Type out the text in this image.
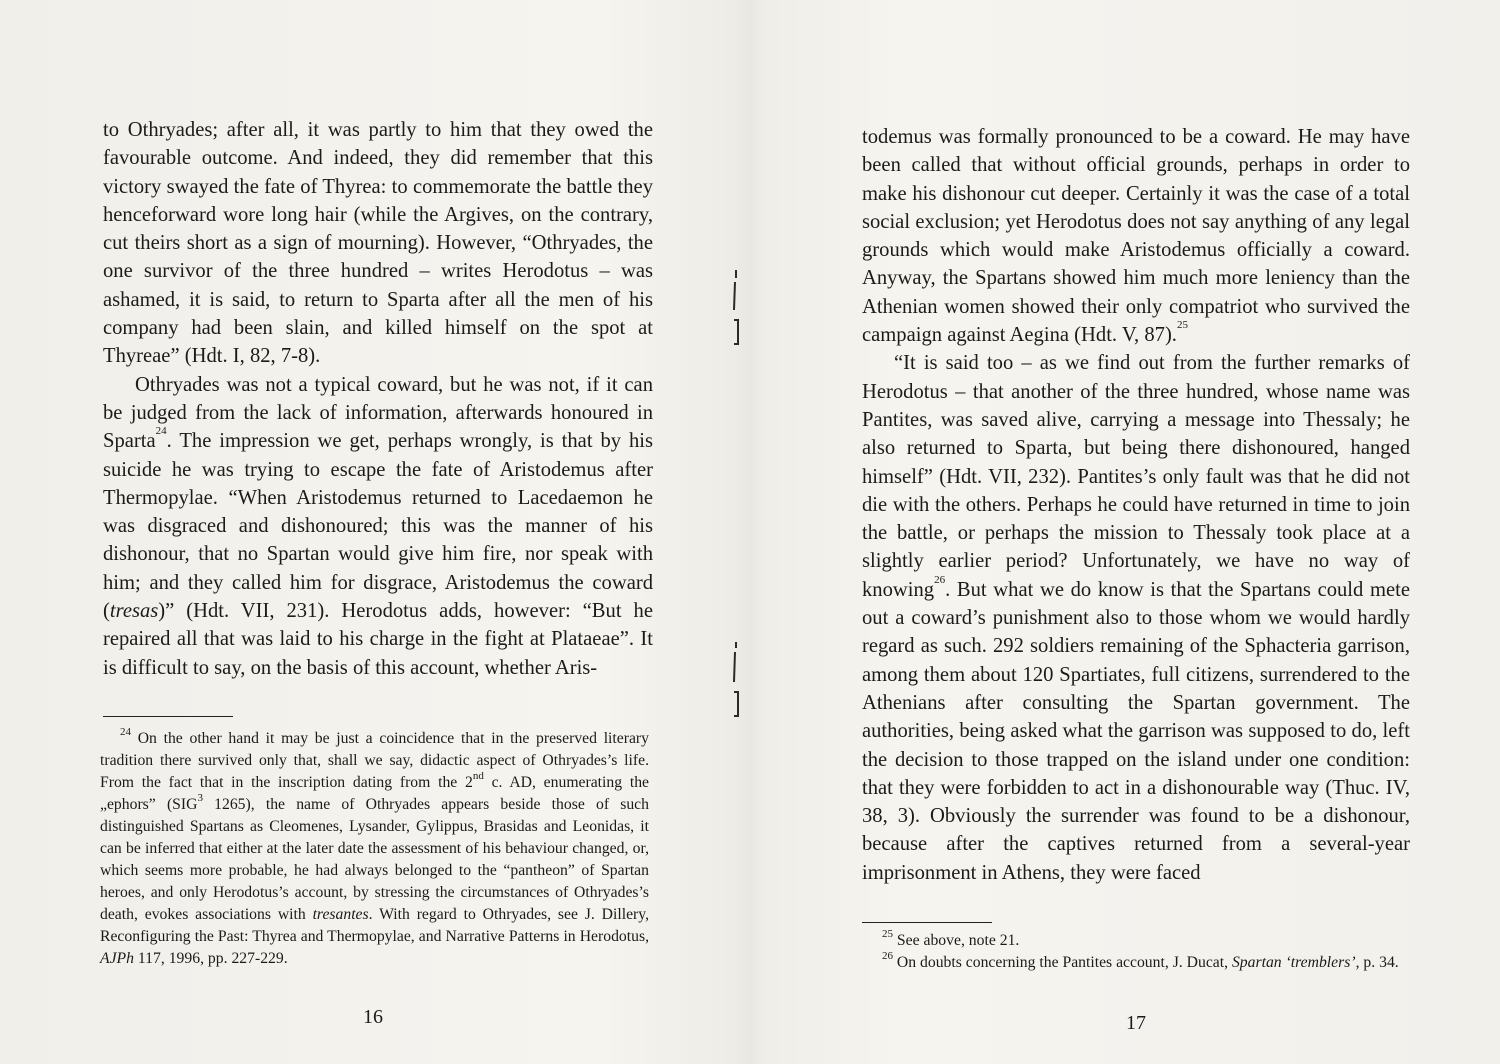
to Othryades; after all, it was partly to him that they owed the favourable outcome. And indeed, they did remember that this victory swayed the fate of Thyrea: to commemorate the battle they henceforward wore long hair (while the Argives, on the contrary, cut theirs short as a sign of mourning). However, “Othryades, the one survivor of the three hundred – writes Herodotus – was ashamed, it is said, to return to Sparta after all the men of his company had been slain, and killed himself on the spot at Thyreae” (Hdt. I, 82, 7-8).

Othryades was not a typical coward, but he was not, if it can be judged from the lack of information, afterwards honoured in Sparta$^{24}$. The impression we get, perhaps wrongly, is that by his suicide he was trying to escape the fate of Aristodemus after Thermopylae. “When Aristodemus returned to Lacedaemon he was disgraced and dishonoured; this was the manner of his dishonour, that no Spartan would give him fire, nor speak with him; and they called him for disgrace, Aristodemus the coward (tresas)” (Hdt. VII, 231). Herodotus adds, however: “But he repaired all that was laid to his charge in the fight at Plataeae”. It is difficult to say, on the basis of this account, whether Aris-

$^{24}$ On the other hand it may be just a coincidence that in the preserved literary tradition there survived only that, shall we say, didactic aspect of Othryades’s life. From the fact that in the inscription dating from the 2nd c. AD, enumerating the „ephors” (SIG$^3$ 1265), the name of Othryades appears beside those of such distinguished Spartans as Cleomenes, Lysander, Gylippus, Brasidas and Leonidas, it can be inferred that either at the later date the assessment of his behaviour changed, or, which seems more probable, he had always belonged to the “pantheon” of Spartan heroes, and only Herodotus’s account, by stressing the circumstances of Othryades’s death, evokes associations with tresantes. With regard to Othryades, see J. Dillery, Reconfiguring the Past: Thyrea and Thermopylae, and Narrative Patterns in Herodotus, AJPh 117, 1996, pp. 227-229.

16

todemus was formally pronounced to be a coward. He may have been called that without official grounds, perhaps in order to make his dishonour cut deeper. Certainly it was the case of a total social exclusion; yet Herodotus does not say anything of any legal grounds which would make Aristodemus officially a coward. Anyway, the Spartans showed him much more leniency than the Athenian women showed their only compatriot who survived the campaign against Aegina (Hdt. V, 87).$^{25}$

“It is said too – as we find out from the further remarks of Herodotus – that another of the three hundred, whose name was Pantites, was saved alive, carrying a message into Thessaly; he also returned to Sparta, but being there dishonoured, hanged himself” (Hdt. VII, 232). Pantites’s only fault was that he did not die with the others. Perhaps he could have returned in time to join the battle, or perhaps the mission to Thessaly took place at a slightly earlier period? Unfortunately, we have no way of knowing$^{26}$. But what we do know is that the Spartans could mete out a coward’s punishment also to those whom we would hardly regard as such. 292 soldiers remaining of the Sphacteria garrison, among them about 120 Spartiates, full citizens, surrendered to the Athenians after consulting the Spartan government. The authorities, being asked what the garrison was supposed to do, left the decision to those trapped on the island under one condition: that they were forbidden to act in a dishonourable way (Thuc. IV, 38, 3). Obviously the surrender was found to be a dishonour, because after the captives returned from a several-year imprisonment in Athens, they were faced

$^{25}$ See above, note 21.

$^{26}$ On doubts concerning the Pantites account, J. Ducat, Spartan ‘tremblers’, p. 34.

17
